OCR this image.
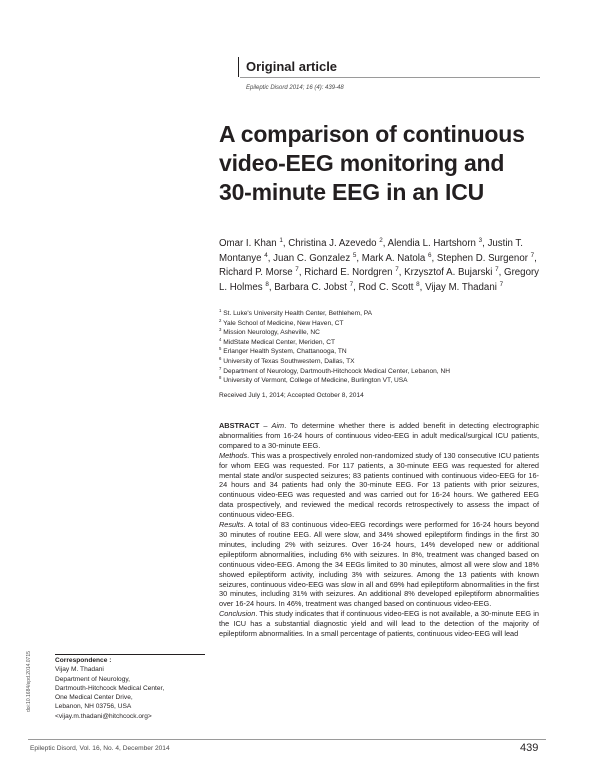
Original article
Epileptic Disord 2014; 16 (4): 439-48
A comparison of continuous
video-EEG monitoring and
30-minute EEG in an ICU

Omar I. Khan $^1$, Christina J. Azevedo $^2$, Alendia L. Hartshorn $^3$, Justin T. Montanye $^4$, Juan C. Gonzalez $^5$, Mark A. Natola $^6$, Stephen D. Surgenor $^7$, Richard P. Morse $^7$, Richard E. Nordgren $^7$, Krzysztof A. Bujarski $^7$, Gregory L. Holmes $^8$, Barbara C. Jobst $^7$, Rod C. Scott $^8$, Vijay M. Thadani $^7$

$^1$ St. Luke's University Health Center, Bethlehem, PA
$^2$ Yale School of Medicine, New Haven, CT
$^3$ Mission Neurology, Asheville, NC
$^4$ MidState Medical Center, Meriden, CT
$^5$ Erlanger Health System, Chattanooga, TN
$^6$ University of Texas Southwestern, Dallas, TX
$^7$ Department of Neurology, Dartmouth-Hitchcock Medical Center, Lebanon, NH
$^8$ University of Vermont, College of Medicine, Burlington VT, USA
Received July 1, 2014; Accepted October 8, 2014

ABSTRACT – Aim. To determine whether there is added benefit in detecting electrographic abnormalities from 16-24 hours of continuous video-EEG in adult medical/surgical ICU patients, compared to a 30-minute EEG.

Methods. This was a prospectively enroled non-randomized study of 130 consecutive ICU patients for whom EEG was requested. For 117 patients, a 30-minute EEG was requested for altered mental state and/or suspected seizures; 83 patients continued with continuous video-EEG for 16-24 hours and 34 patients had only the 30-minute EEG. For 13 patients with prior seizures, continuous video-EEG was requested and was carried out for 16-24 hours. We gathered EEG data prospectively, and reviewed the medical records retrospectively to assess the impact of continuous video-EEG.

Results. A total of 83 continuous video-EEG recordings were performed for 16-24 hours beyond 30 minutes of routine EEG. All were slow, and 34% showed epileptiform findings in the first 30 minutes, including 2% with seizures. Over 16-24 hours, 14% developed new or additional epileptiform abnormalities, including 6% with seizures. In 8%, treatment was changed based on continuous video-EEG. Among the 34 EEGs limited to 30 minutes, almost all were slow and 18% showed epileptiform activity, including 3% with seizures. Among the 13 patients with known seizures, continuous video-EEG was slow in all and 69% had epileptiform abnormalities in the first 30 minutes, including 31% with seizures. An additional 8% developed epileptiform abnormalities over 16-24 hours. In 46%, treatment was changed based on continuous video-EEG.

Conclusion. This study indicates that if continuous video-EEG is not available, a 30-minute EEG in the ICU has a substantial diagnostic yield and will lead to the detection of the majority of epileptiform abnormalities. In a small percentage of patients, continuous video-EEG will lead

Correspondence :
Vijay M. Thadani
Department of Neurology,
Dartmouth-Hitchcock Medical Center,
One Medical Center Drive,
Lebanon, NH 03756, USA
<vijay.m.thadani@hitchcock.org>
doi:10.1684/epd.2014.0715
Epileptic Disord, Vol. 16, No. 4, December 2014	439
